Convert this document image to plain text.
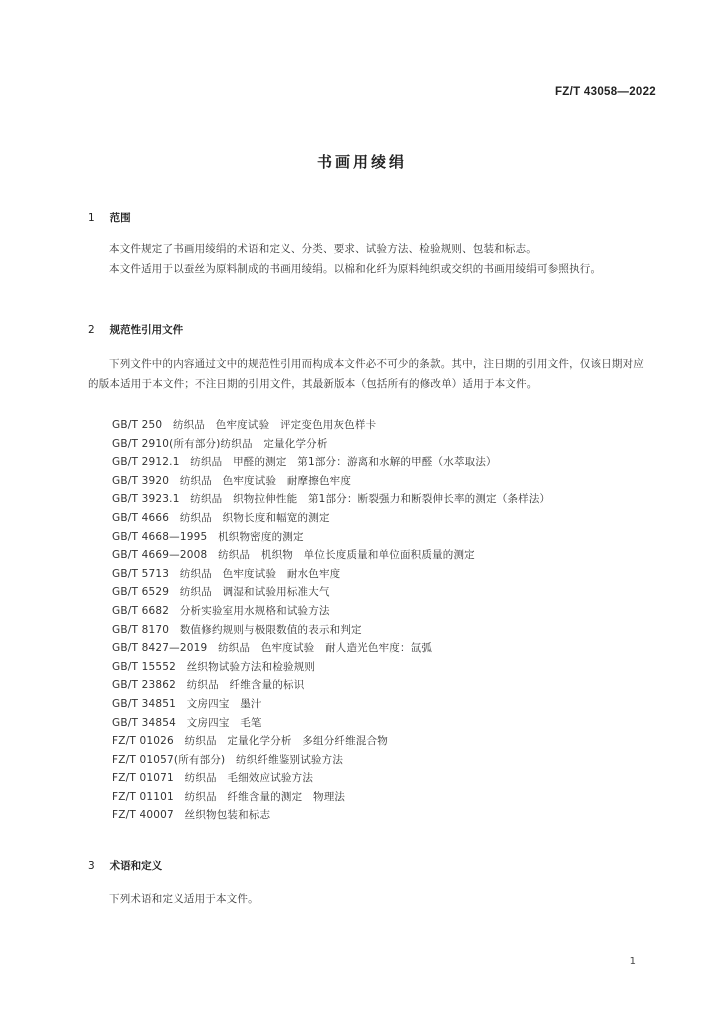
FZ/T 43058—2022
书画用绫绢
1 范围

本文件规定了书画用绫绢的术语和定义、分类、要求、试验方法、检验规则、包装和标志。

本文件适用于以蚕丝为原料制成的书画用绫绢。以棉和化纤为原料纯织或交织的书画用绫绢可参照执行。

2 规范性引用文件

下列文件中的内容通过文中的规范性引用而构成本文件必不可少的条款。其中，注日期的引用文件，仅该日期对应的版本适用于本文件；不注日期的引用文件，其最新版本（包括所有的修改单）适用于本文件。

GB/T 250　纺织品　色牢度试验　评定变色用灰色样卡
GB/T 2910(所有部分)纺织品　定量化学分析
GB/T 2912.1　纺织品　甲醛的测定　第1部分：游离和水解的甲醛（水萃取法）
GB/T 3920　纺织品　色牢度试验　耐摩擦色牢度
GB/T 3923.1　纺织品　织物拉伸性能　第1部分：断裂强力和断裂伸长率的测定（条样法）
GB/T 4666　纺织品　织物长度和幅宽的测定
GB/T 4668—1995　机织物密度的测定
GB/T 4669—2008　纺织品　机织物　单位长度质量和单位面积质量的测定
GB/T 5713　纺织品　色牢度试验　耐水色牢度
GB/T 6529　纺织品　调湿和试验用标准大气
GB/T 6682　分析实验室用水规格和试验方法
GB/T 8170　数值修约规则与极限数值的表示和判定
GB/T 8427—2019　纺织品　色牢度试验　耐人造光色牢度：氙弧
GB/T 15552　丝织物试验方法和检验规则
GB/T 23862　纺织品　纤维含量的标识
GB/T 34851　文房四宝　墨汁
GB/T 34854　文房四宝　毛笔
FZ/T 01026　纺织品　定量化学分析　多组分纤维混合物
FZ/T 01057(所有部分)　纺织纤维鉴别试验方法
FZ/T 01071　纺织品　毛细效应试验方法
FZ/T 01101　纺织品　纤维含量的测定　物理法
FZ/T 40007　丝织物包装和标志
3 术语和定义

下列术语和定义适用于本文件。

1
